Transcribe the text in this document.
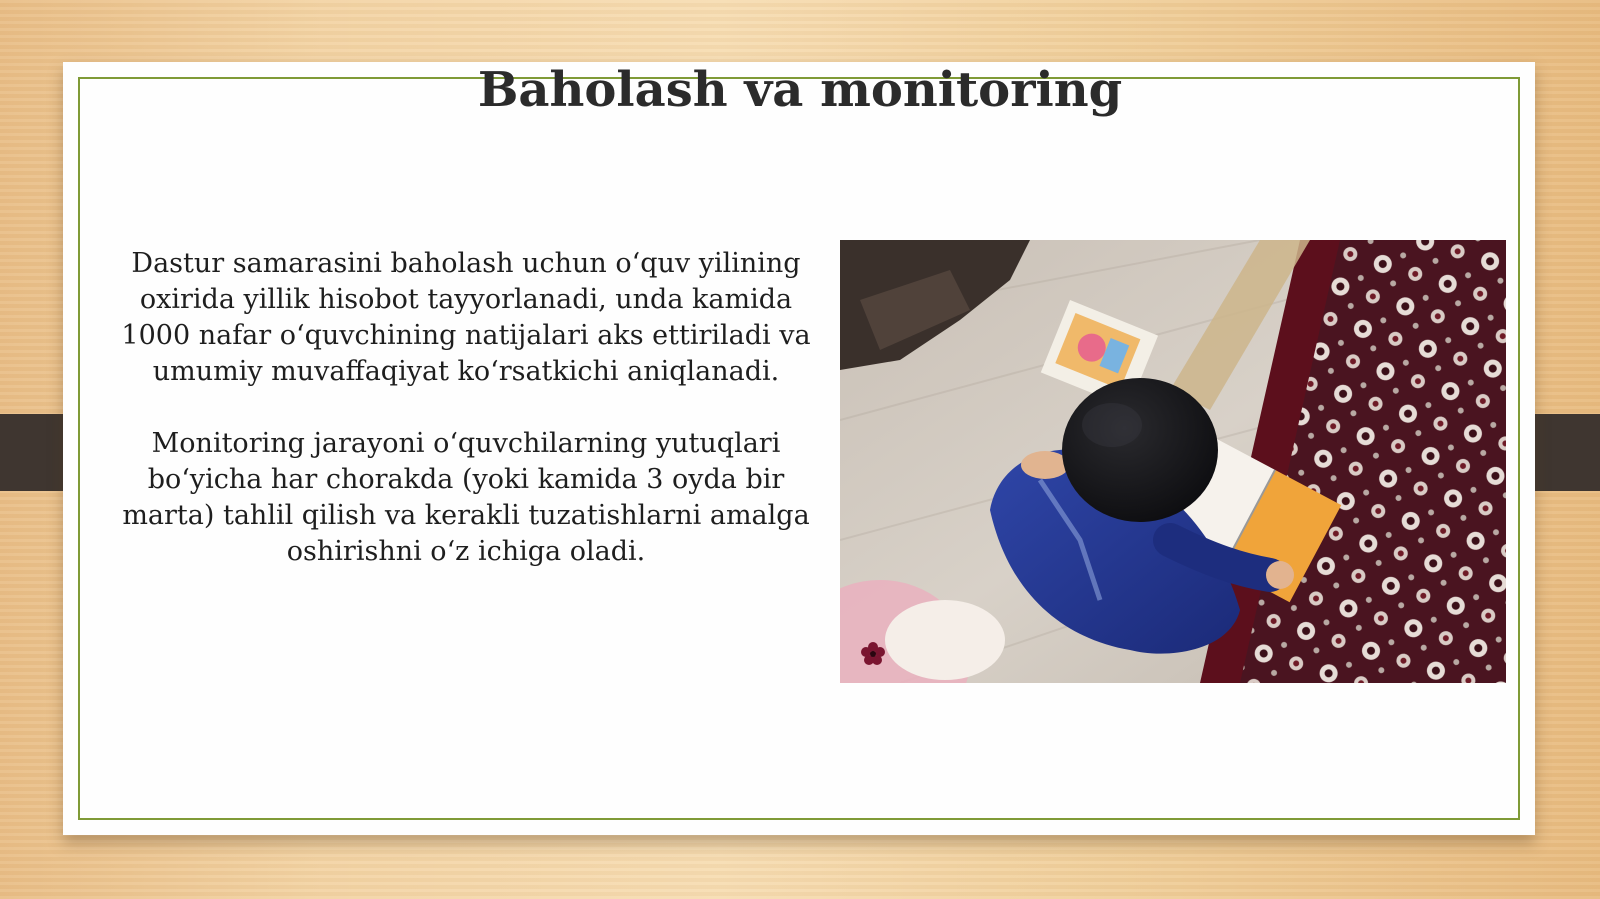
Baholash va monitoring

Dastur samarasini baholash uchun o‘quv yilining oxirida yillik hisobot tayyorlanadi, unda kamida 1000 nafar o‘quvchining natijalari aks ettiriladi va umumiy muvaffaqiyat ko‘rsatkichi aniqlanadi.

Monitoring jarayoni o‘quvchilarning yutuqlari bo‘yicha har chorakda (yoki kamida 3 oyda bir marta) tahlil qilish va kerakli tuzatishlarni amalga oshirishni o‘z ichiga oladi.
